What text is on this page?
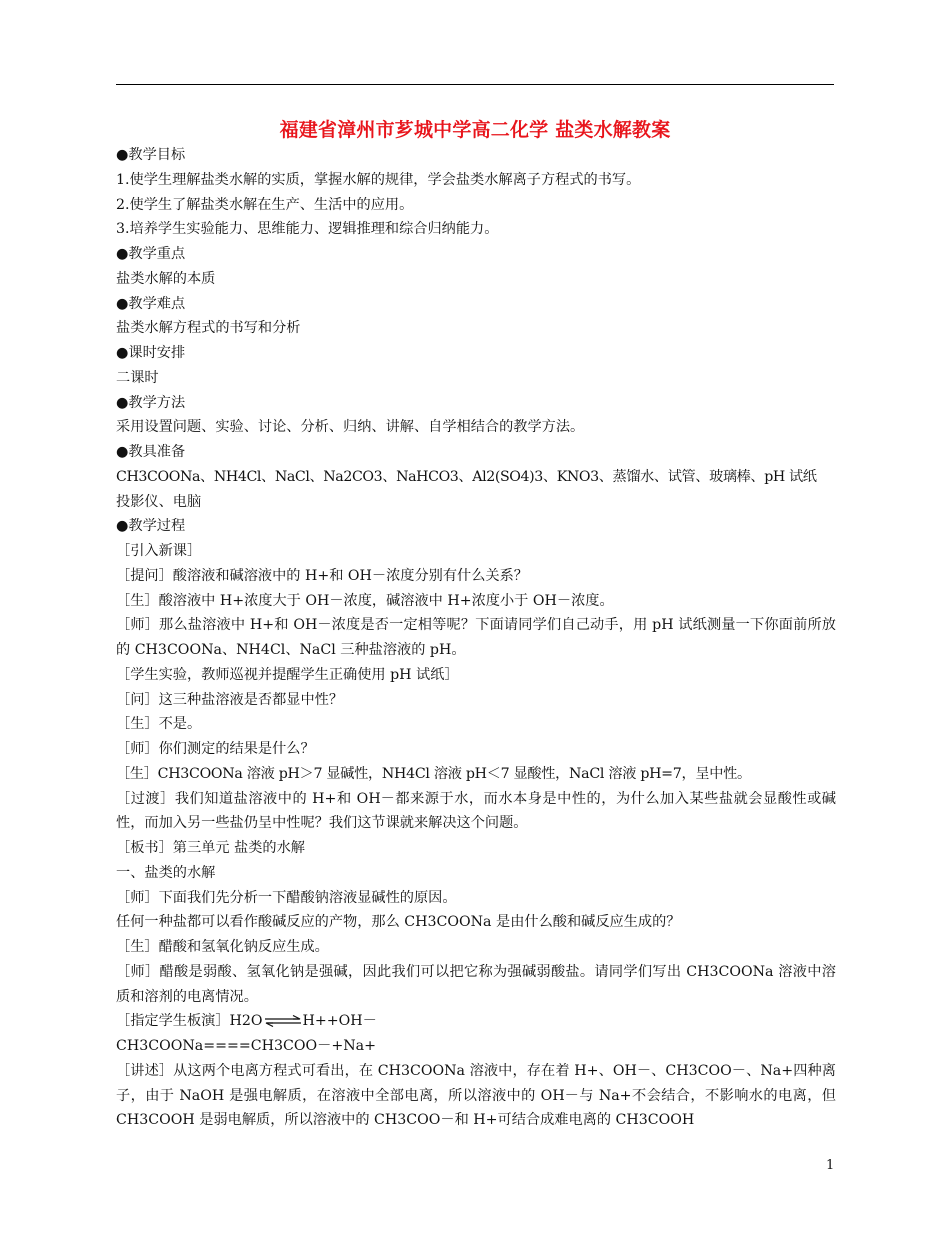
福建省漳州市芗城中学高二化学 盐类水解教案

●教学目标

1.使学生理解盐类水解的实质，掌握水解的规律，学会盐类水解离子方程式的书写。

2.使学生了解盐类水解在生产、生活中的应用。

3.培养学生实验能力、思维能力、逻辑推理和综合归纳能力。

●教学重点

盐类水解的本质

●教学难点

盐类水解方程式的书写和分析

●课时安排

二课时

●教学方法

采用设置问题、实验、讨论、分析、归纳、讲解、自学相结合的教学方法。

●教具准备

CH3COONa、NH4Cl、NaCl、Na2CO3、NaHCO3、Al2(SO4)3、KNO3、蒸馏水、试管、玻璃棒、pH 试纸

投影仪、电脑

●教学过程

［引入新课］

［提问］酸溶液和碱溶液中的 H+和 OH－浓度分别有什么关系？

［生］酸溶液中 H+浓度大于 OH－浓度，碱溶液中 H+浓度小于 OH－浓度。

［师］那么盐溶液中 H+和 OH－浓度是否一定相等呢？下面请同学们自己动手，用 pH 试纸测量一下你面前所放的 CH3COONa、NH4Cl、NaCl 三种盐溶液的 pH。

［学生实验，教师巡视并提醒学生正确使用 pH 试纸］

［问］这三种盐溶液是否都显中性？

［生］不是。

［师］你们测定的结果是什么？

［生］CH3COONa 溶液 pH＞7 显碱性，NH4Cl 溶液 pH＜7 显酸性，NaCl 溶液 pH=7，呈中性。

［过渡］我们知道盐溶液中的 H+和 OH－都来源于水，而水本身是中性的，为什么加入某些盐就会显酸性或碱性，而加入另一些盐仍呈中性呢？我们这节课就来解决这个问题。

［板书］第三单元 盐类的水解

一、盐类的水解

［师］下面我们先分析一下醋酸钠溶液显碱性的原因。

任何一种盐都可以看作酸碱反应的产物，那么 CH3COONa 是由什么酸和碱反应生成的？

［生］醋酸和氢氧化钠反应生成。

［师］醋酸是弱酸、氢氧化钠是强碱，因此我们可以把它称为强碱弱酸盐。请同学们写出 CH3COONa 溶液中溶质和溶剂的电离情况。

［指定学生板演］H2O⇌H++OH－

CH3COONa====CH3COO－+Na+

［讲述］从这两个电离方程式可看出，在 CH3COONa 溶液中，存在着 H+、OH－、CH3COO－、Na+四种离子，由于 NaOH 是强电解质，在溶液中全部电离，所以溶液中的 OH－与 Na+不会结合，不影响水的电离，但 CH3COOH 是弱电解质，所以溶液中的 CH3COO－和 H+可结合成难电离的 CH3COOH

1
